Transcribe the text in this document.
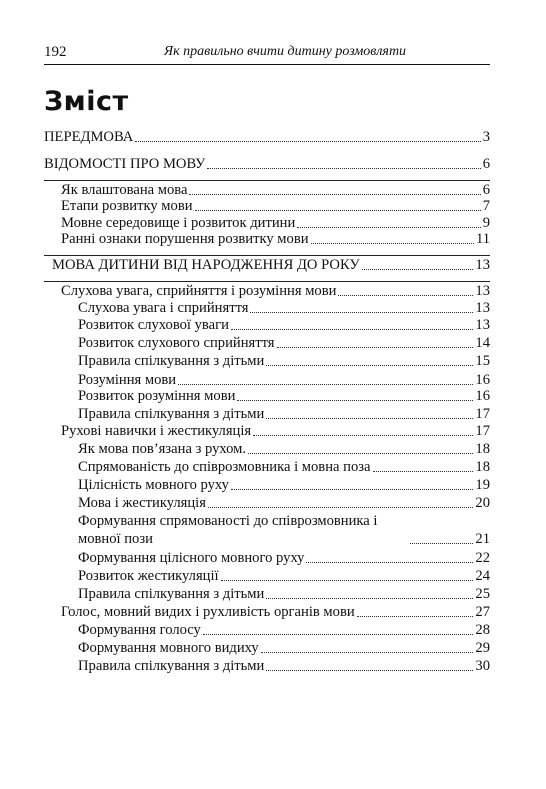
192	Як правильно вчити дитину розмовляти
Зміст
ПЕРЕДМОВА	3
ВІДОМОСТІ ПРО МОВУ	6
Як влаштована мова	6
Етапи розвитку мови	7
Мовне середовище і розвиток дитини	9
Ранні ознаки порушення розвитку мови	11
МОВА ДИТИНИ ВІД НАРОДЖЕННЯ ДО РОКУ	13
Слухова увага, сприйняття і розуміння мови	13
Слухова увага і сприйняття	13
Розвиток слухової уваги	13
Розвиток слухового сприйняття	14
Правила спілкування з дітьми	15
Розуміння мови	16
Розвиток розуміння мови	16
Правила спілкування з дітьми	17
Рухові навички і жестикуляція	17
Як мова пов’язана з рухом.	18
Спрямованість до співрозмовника і мовна поза	18
Цілісність мовного руху	19
Мова і жестикуляція	20
Формування спрямованості до співрозмовника і мовної пози	21
Формування цілісного мовного руху	22
Розвиток жестикуляції	24
Правила спілкування з дітьми	25
Голос, мовний видих і рухливість органів мови	27
Формування голосу	28
Формування мовного видиху	29
Правила спілкування з дітьми	30
